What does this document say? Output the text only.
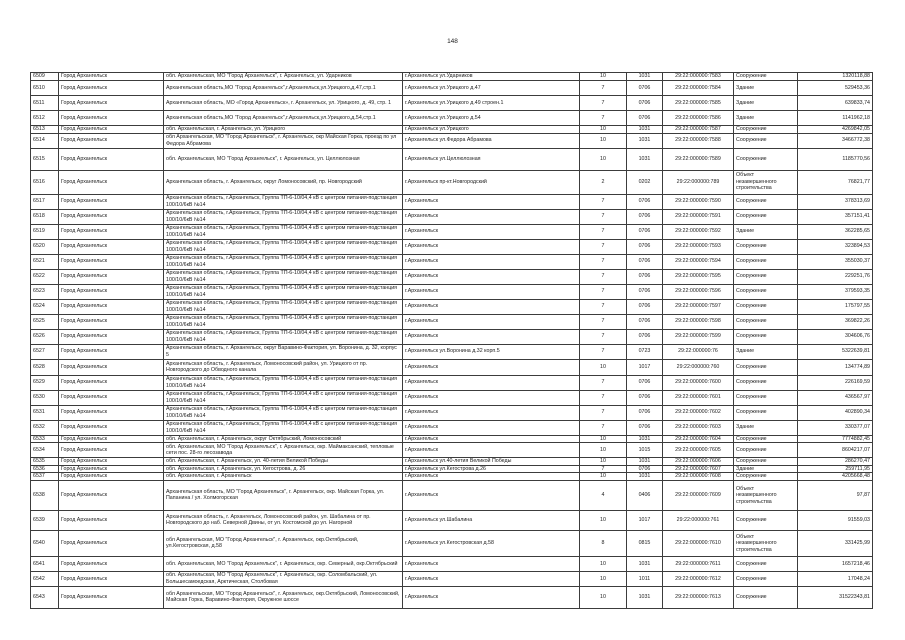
148
6509	Город Архангельск	обл. Архангельская, МО "Город Архангельск", г. Архангельск, ул. Ударников	г.Архангельск ул.Ударников	10	1031	29:22:000000:7583	Сооружение	1320118,88
6510	Город Архангельск	Архангельская область,МО "Город Архангельск",г.Архангельск,ул.Урицкого,д.47,стр.1	г.Архангельск ул.Урицкого д.47	7	0706	29:22:000000:7584	Здание	529453,36
6511	Город Архангельск	Архангельская область, МО «Город Архангельск», г. Архангельск, ул. Урицкого, д. 49, стр. 1	г.Архангельск ул.Урицкого д.49 строен.1	7	0706	29:22:000000:7585	Здание	639833,74
6512	Город Архангельск	Архангельская область,МО "Город Архангельск",г.Архангельск,ул.Урицкого,д.54,стр.1	г.Архангельск ул.Урицкого д.54	7	0706	29:22:000000:7586	Здание	1141962,18
6513	Город Архангельск	обл. Архангельская, г. Архангельск, ул. Урицкого	г.Архангельск ул.Урицкого	10	1031	29:22:000000:7587	Сооружение	4269842,05
6514	Город Архангельск	обл Архангельская, МО "Город Архангельск", г. Архангельск, окр Майская Горка, проезд по ул Федора Абрамова	г.Архангельск ул.Федора Абрамова	10	1031	29:22:000000:7588	Сооружение	3466772,38
6515	Город Архангельск	обл. Архангельская, МО "Город Архангельск", г. Архангельск, ул. Целлюлозная	г.Архангельск ул.Целлюлозная	10	1031	29:22:000000:7589	Сооружение	1185770,56
6516	Город Архангельск	Архангельская область, г. Архангельск, округ Ломоносовский, пр. Новгородский	г.Архангельск пр-кт.Новгородский	2	0202	29:22:000000:789	Объект незавершенного строительства	76821,77
6517	Город Архангельск	Архангельская область, г.Архангельск, Группа ТП-6-10/04,4 кВ с центром питания-подстанция 100/10/6кВ №14	г.Архангельск	7	0706	29:22:000000:7590	Сооружение	378313,69
6518	Город Архангельск	Архангельская область, г.Архангельск, Группа ТП-6-10/04,4 кВ с центром питания-подстанция 100/10/6кВ №14	г.Архангельск	7	0706	29:22:000000:7591	Сооружение	357151,41
6519	Город Архангельск	Архангельская область, г.Архангельск, Группа ТП-6-10/04,4 кВ с центром питания-подстанция 100/10/6кВ №14	г.Архангельск	7	0706	29:22:000000:7592	Здание	362285,65
6520	Город Архангельск	Архангельская область, г.Архангельск, Группа ТП-6-10/04,4 кВ с центром питания-подстанция 100/10/6кВ №14	г.Архангельск	7	0706	29:22:000000:7593	Сооружение	323894,53
6521	Город Архангельск	Архангельская область, г.Архангельск, Группа ТП-6-10/04,4 кВ с центром питания-подстанция 100/10/6кВ №14	г.Архангельск	7	0706	29:22:000000:7594	Сооружение	355030,37
6522	Город Архангельск	Архангельская область, г.Архангельск, Группа ТП-6-10/04,4 кВ с центром питания-подстанция 100/10/6кВ №14	г.Архангельск	7	0706	29:22:000000:7595	Сооружение	229251,76
6523	Город Архангельск	Архангельская область, г.Архангельск, Группа ТП-6-10/04,4 кВ с центром питания-подстанция 100/10/6кВ №14	г.Архангельск	7	0706	29:22:000000:7596	Сооружение	379593,35
6524	Город Архангельск	Архангельская область, г.Архангельск, Группа ТП-6-10/04,4 кВ с центром питания-подстанция 100/10/6кВ №14	г.Архангельск	7	0706	29:22:000000:7597	Сооружение	175797,55
6525	Город Архангельск	Архангельская область, г.Архангельск, Группа ТП-6-10/04,4 кВ с центром питания-подстанция 100/10/6кВ №14	г.Архангельск	7	0706	29:22:000000:7598	Сооружение	369822,26
6526	Город Архангельск	Архангельская область, г.Архангельск, Группа ТП-6-10/04,4 кВ с центром питания-подстанция 100/10/6кВ №14	г.Архангельск	7	0706	29:22:000000:7599	Сооружение	304606,76
6527	Город Архангельск	Архангельская область, г. Архангельск, округ Варавино-Фактория, ул. Воронина, д. 32, корпус 5	г.Архангельск ул.Воронина д.32 корп.5	7	0723	29:22:000000:76	Здание	5322639,81
6528	Город Архангельск	Архангельская область, г. Архангельск, Ломоносовский район, ул. Урицкого от пр. Новгородского до Обводного канала	г.Архангельск	10	1017	29:22:000000:760	Сооружение	134774,89
6529	Город Архангельск	Архангельская область, г.Архангельск, Группа ТП-6-10/04,4 кВ с центром питания-подстанция 100/10/6кВ №14	г.Архангельск	7	0706	29:22:000000:7600	Сооружение	226169,59
6530	Город Архангельск	Архангельская область, г.Архангельск, Группа ТП-6-10/04,4 кВ с центром питания-подстанция 100/10/6кВ №14	г.Архангельск	7	0706	29:22:000000:7601	Сооружение	436567,97
6531	Город Архангельск	Архангельская область, г.Архангельск, Группа ТП-6-10/04,4 кВ с центром питания-подстанция 100/10/6кВ №14	г.Архангельск	7	0706	29:22:000000:7602	Сооружение	402890,34
6532	Город Архангельск	Архангельская область, г.Архангельск, Группа ТП-6-10/04,4 кВ с центром питания-подстанция 100/10/6кВ №14	г.Архангельск	7	0706	29:22:000000:7603	Здание	330377,07
6533	Город Архангельск	обл. Архангельская, г. Архангельск, округ Октябрьский, Ломоносовский	г.Архангельск	10	1031	29:22:000000:7604	Сооружение	7774882,45
6534	Город Архангельск	обл. Архангельская, МО "Город Архангельск", г. Архангельск, окр. Маймаксанский, тепловые сети пос. 28-го лесозавода	г.Архангельск	10	1015	29:22:000000:7605	Сооружение	8604217,07
6535	Город Архангельск	обл. Архангельская, г. Архангельск, ул. 40-летия Великой Победы	г.Архангельск ул.40-летия Великой Победы	10	1031	29:22:000000:7606	Сооружение	286270,47
6536	Город Архангельск	обл. Архангельская, г. Архангельск, ул. Кегострова, д. 26	г.Архангельск ул.Кегострова д.26	7	0706	29:22:000000:7607	Здание	259711,95
6537	Город Архангельск	обл. Архангельская, г. Архангельск	г.Архангельск	10	1031	29:22:000000:7608	Сооружение	4205668,48
6538	Город Архангельск	Архангельская область, МО "Город Архангельск", г. Архангельск, окр. Майская Горка, ул. Папанина / ул. Холмогорская	г.Архангельск	4	0406	29:22:000000:7609	Объект незавершенного строительства	97,87
6539	Город Архангельск	Архангельская область, г. Архангельск, Ломоносовский район, ул. Шабалина от пр. Новгородского до наб. Северной Двины, от ул. Костомской до ул. Нагорной	г.Архангельск ул.Шабалина	10	1017	29:22:000000:761	Сооружение	91559,03
6540	Город Архангельск	обл Архангельская, МО "Город Архангельск", г. Архангельск, окр.Октябрьский, ул.Кегостровская, д.58	г.Архангельск ул.Кегостровская д.58	8	0815	29:22:000000:7610	Объект незавершенного строительства	331425,99
6541	Город Архангельск	обл. Архангельская, МО "Город Архангельск", г. Архангельск, окр. Северный, окр.Октябрьский	г.Архангельск	10	1031	29:22:000000:7611	Сооружение	1657218,46
6542	Город Архангельск	обл. Архангельская, МО "Город Архангельск", г. Архангельск, окр. Соломбальский, ул. Большесамоедская, Арктическая, Столбовая	г.Архангельск	10	1011	29:22:000000:7612	Сооружение	17048,24
6543	Город Архангельск	обл Архангельская, МО "Город Архангельск", г. Архангельск, окр.Октябрьский, Ломоносовский, Майская Горка, Варавино-Фактория, Окружное шоссе	г.Архангельск	10	1031	29:22:000000:7613	Сооружение	31522343,81
